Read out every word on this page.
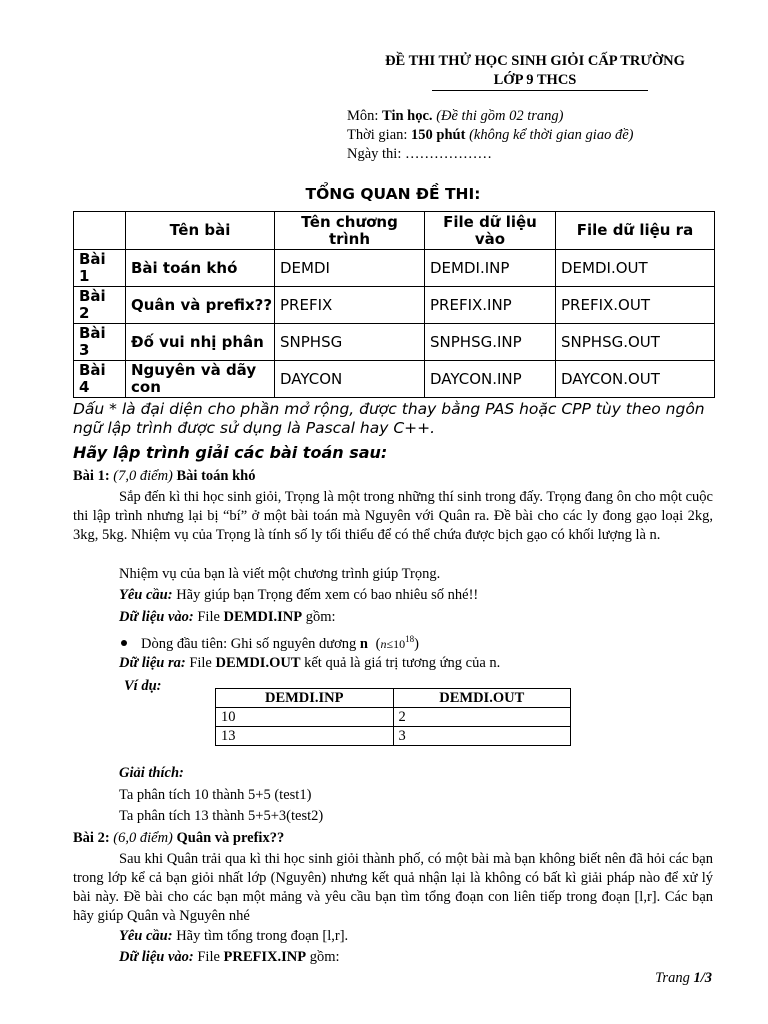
ĐỀ THI THỬ HỌC SINH GIỎI CẤP TRƯỜNG
LỚP 9 THCS
Môn: Tin học. (Đề thi gồm 02 trang)
Thời gian: 150 phút (không kể thời gian giao đề)
Ngày thi: ………………
TỔNG QUAN ĐỀ THI:
	Tên bài	Tên chương trình	File dữ liệu vào	File dữ liệu ra
Bài 1	Bài toán khó	DEMDI	DEMDI.INP	DEMDI.OUT
Bài 2	Quân và prefix??	PREFIX	PREFIX.INP	PREFIX.OUT
Bài 3	Đố vui nhị phân	SNPHSG	SNPHSG.INP	SNPHSG.OUT
Bài 4	Nguyên và dãy con	DAYCON	DAYCON.INP	DAYCON.OUT
Dấu * là đại diện cho phần mở rộng, được thay bằng PAS hoặc CPP tùy theo ngôn ngữ lập trình được sử dụng là Pascal hay C++.
Hãy lập trình giải các bài toán sau:
Bài 1: (7,0 điểm) Bài toán khó
Sắp đến kì thi học sinh giỏi, Trọng là một trong những thí sinh trong đấy. Trọng đang ôn cho một cuộc thi lập trình nhưng lại bị “bí” ở một bài toán mà Nguyên với Quân ra. Đề bài cho các ly đong gạo loại 2kg, 3kg, 5kg. Nhiệm vụ của Trọng là tính số ly tối thiểu để có thể chứa được bịch gạo có khối lượng là n.
Nhiệm vụ của bạn là viết một chương trình giúp Trọng.
Yêu cầu: Hãy giúp bạn Trọng đếm xem có bao nhiêu số nhé!!
Dữ liệu vào: File DEMDI.INP gồm:
Dòng đầu tiên: Ghi số nguyên dương n $(n\le 10^{18})$
Dữ liệu ra: File DEMDI.OUT kết quả là giá trị tương ứng của n.
Ví dụ:
DEMDI.INP	DEMDI.OUT
10	2
13	3
Giải thích:
Ta phân tích 10 thành 5+5 (test1)
Ta phân tích 13 thành 5+5+3(test2)
Bài 2: (6,0 điểm) Quân và prefix??
Sau khi Quân trải qua kì thi học sinh giỏi thành phố, có một bài mà bạn không biết nên đã hỏi các bạn trong lớp kể cả bạn giỏi nhất lớp (Nguyên) nhưng kết quả nhận lại là không có bất kì giải pháp nào để xử lý bài này. Đề bài cho các bạn một mảng và yêu cầu bạn tìm tổng đoạn con liên tiếp trong đoạn [l,r]. Các bạn hãy giúp Quân và Nguyên nhé
Yêu cầu: Hãy tìm tổng trong đoạn [l,r].
Dữ liệu vào: File PREFIX.INP gồm:
Trang 1/3
